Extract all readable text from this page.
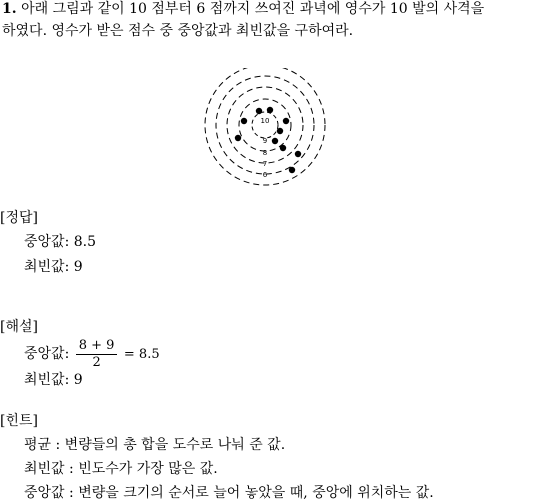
1. 아래 그림과 같이 10 점부터 6 점까지 쓰여진 과녁에 영수가 10 발의 사격을
하였다. 영수가 받은 점수 중 중앙값과 최빈값을 구하여라.
10
9
8
7
6
[정답]
중앙값: 8.5
최빈값: 9
[해설]
중앙값: $\frac{8 + 9}{2} = 8.5$
최빈값: 9
[힌트]
평균 : 변량들의 총 합을 도수로 나눠 준 값.
최빈값 : 빈도수가 가장 많은 값.
중앙값 : 변량을 크기의 순서로 늘어 놓았을 때, 중앙에 위치하는 값.
